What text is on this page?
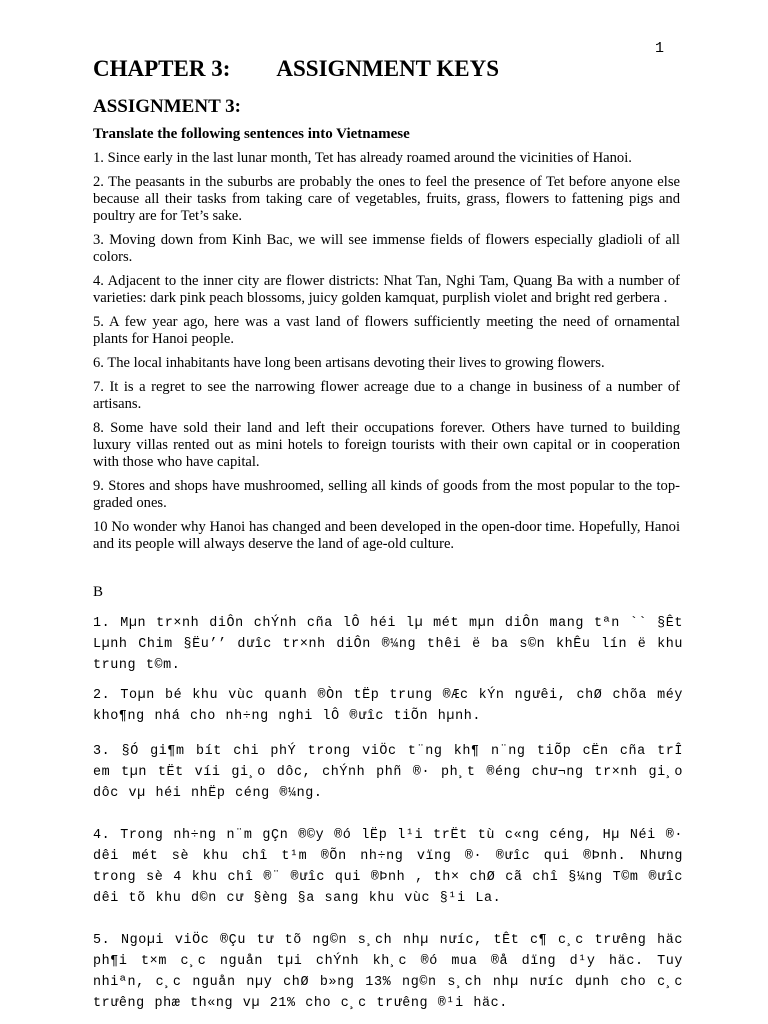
1
CHAPTER 3: ASSIGNMENT KEYS
ASSIGNMENT 3:

Translate the following sentences into Vietnamese

1. Since early in the last lunar month, Tet has already roamed around the vicinities of Hanoi.

2. The peasants in the suburbs are probably the ones to feel the presence of Tet before anyone else because all their tasks from taking care of vegetables, fruits, grass, flowers to fattening pigs and poultry are for Tet’s sake.

3. Moving down from Kinh Bac, we will see immense fields of flowers especially gladioli of all colors.

4. Adjacent to the inner city are flower districts: Nhat Tan, Nghi Tam, Quang Ba with a number of varieties: dark pink peach blossoms, juicy golden kamquat, purplish violet and bright red gerbera .

5. A few year ago, here was a vast land of flowers sufficiently meeting the need of ornamental plants for Hanoi people.

6. The local inhabitants have long been artisans devoting their lives to growing flowers.

7. It is a regret to see the narrowing flower acreage due to a change in business of a number of artisans.

8. Some have sold their land and left their occupations forever. Others have turned to building luxury villas rented out as mini hotels to foreign tourists with their own capital or in cooperation with those who have capital.

9. Stores and shops have mushroomed, selling all kinds of goods from the most popular to the top-graded ones.

10 No wonder why Hanoi has changed and been developed in the open-door time. Hopefully, Hanoi and its people will always deserve the land of age-old culture.

B

1. Mµn tr×nh diÔn chÝnh cña lÔ héi lµ mét mµn diÔn mang tªn `` §Êt Lµnh Chim §Ëu’’ dưîc tr×nh diÔn ®¼ng thêi ë ba s©n khÊu lín ë khu trung t©m.

2. Toµn bé khu vùc quanh ®Òn tËp trung ®Æc kÝn ngưêi, chØ chõa méy kho¶ng nhá cho nh÷ng nghi lÔ ®ưîc tiÕn hµnh.

3. §Ó gi¶m bít chi phÝ trong viÖc t¨ng kh¶ n¨ng tiÕp cËn cña trÎ em tµn tËt víi gi¸o dôc, chÝnh phñ ®· ph¸t ®éng chư¬ng tr×nh gi¸o dôc vµ héi nhËp céng ®¼ng.

4. Trong nh÷ng n¨m gÇn ®©y ®ó lËp l¹i trËt tù c«ng céng, Hµ Néi ®· dêi mét sè khu chî t¹m ®Õn nh÷ng vïng ®· ®ưîc qui ®Þnh. Nhưng trong sè 4 khu chî ®¨ ®ưîc qui ®Þnh , th× chØ cã chî §¼ng T©m ®ưîc dêi tõ khu d©n cư §èng §a sang khu vùc §¹i La.

5. Ngoµi viÖc ®Çu tư tõ ng©n s¸ch nhµ nưíc, tÊt c¶ c¸c trưêng häc ph¶i t×m c¸c nguån tµi chÝnh kh¸c ®ó mua ®å dïng d¹y häc. Tuy nhiªn, c¸c nguån nµy chØ b»ng 13% ng©n s¸ch nhµ nưíc dµnh cho c¸c trưêng phæ th«ng vµ 21% cho c¸c trưêng ®¹i häc.
